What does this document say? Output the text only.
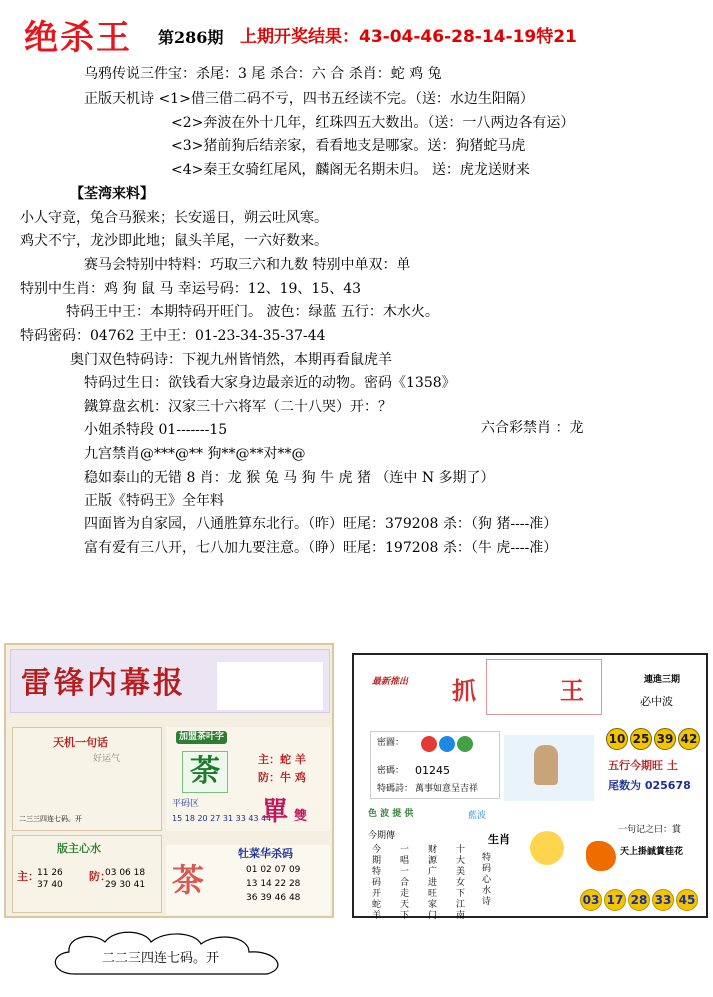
绝杀王 第286期 上期开奖结果：43-04-46-28-14-19特21
乌鸦传说三件宝：杀尾：3 尾 杀合：六 合 杀肖：蛇 鸡 兔
正版天机诗 <1>借三借二码不亏，四书五经读不完。（送：水边生阳隔）
<2>奔波在外十几年，红珠四五大数出。（送：一八两边各有运）
<3>猪前狗后结亲家，看看地支是哪家。送：狗猪蛇马虎
<4>秦王女骑红尾风，麟阁无名期未归。 送：虎龙送财来
【荃湾来料】
小人守竞，兔合马猴来；长安遥日，朔云吐风寒。
鸡犬不宁，龙沙即此地；鼠头羊尾，一六好数来。
赛马会特别中特料：巧取三六和九数 特别中单双：单
特别中生肖：鸡 狗 鼠 马 幸运号码：12、19、15、43
特码王中王：本期特码开旺门。 波色：绿蓝 五行：木水火。
特码密码：04762 王中王：01-23-34-35-37-44
奥门双色特码诗：下视九州皆悄然，本期再看鼠虎羊
特码过生日：欲钱看大家身边最亲近的动物。密码《1358》
鐵算盘玄机：汉家三十六将军（二十八哭）开：？
小姐杀特段 01-------15	六合彩禁肖 ：龙
九宫禁肖@***@** 狗**@**对**@
稳如泰山的无错 8 肖：龙 猴 兔 马 狗 牛 虎 猪 （连中 N 多期了）
正版《特码王》全年料
四面皆为自家园，八通胜算东北行。（昨）旺尾：379208 杀：（狗 猪----准）
富有爱有三八开，七八加九要注意。（睁）旺尾：197208 杀：（牛 虎----准）
雷锋内幕报
天机一句话
好运气
二三三四连七码。开
加盟茶叶字
荼	主：蛇 羊
防：牛 鸡
平码区
15 18 20 27 31 33 43 44
單 雙
版主心水
主：	防：
11 26
37 40
03 06 18
29 30 41 茶
牡菜华杀码
01 02 07 09
13 14 22 28
36 39 46 48
最新推出 抓	王	連進三期
必中波
10 25 39 42
五行今期旺 土
尾数为 025678
密圖：
密碼： 01245
特碼詩： 萬事如意呈吉祥
色 波 提 供	藍波
生肖
今期傳
今期特码开蛇羊
一唱一合走天下
财源广进旺家门
十大美女下江南
特码心水诗
一句记之曰：賞
天上掛誠賞桂花
03 17 28 33 45
二二三四连七码。开
